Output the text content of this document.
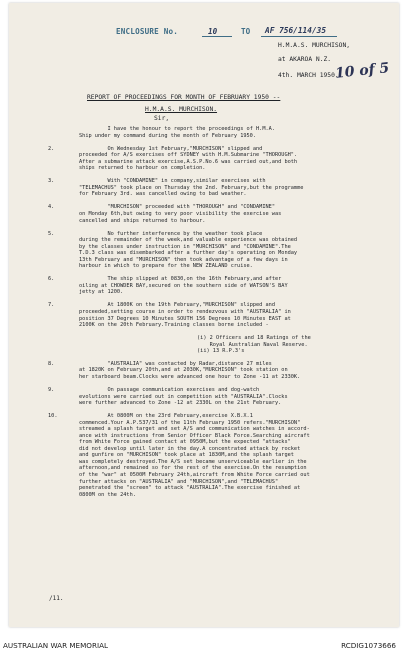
ENCLOSURE No.	10	TO AF 756/114/35
H.M.A.S. MURCHISON,
at AKAROA N.Z.
4th. MARCH 1950.
10 of 5
REPORT OF PROCEEDINGS FOR MONTH OF FEBRUARY 1950 --
H.M.A.S. MURCHISON.
Sir,
I have the honour to report the proceedings of H.M.A.
Ship under my command during the month of February 1950.
2.	On Wednesday 1st February,"MURCHISON" slipped and
proceeded for A/S exercises off SYDNEY with H.M.Submarine "THOROUGH".
After a submarine attack exercise,A.S.P.No.6 was carried out,and both
ships returned to harbour on completion.
3.	With "CONDAMINE" in company,similar exercises with
"TELEMACHUS" took place on Thursday the 2nd. February,but the programme
for February 3rd. was cancelled owing to bad weather.
4.	"MURCHISON" proceeded with "THOROUGH" and "CONDAMINE"
on Monday 6th,but owing to very poor visibility the exercise was
cancelled and ships returned to harbour.
5.	No further interference by the weather took place
during the remainder of the week,and valuable experience was obtained
by the classes under instruction in "MURCHISON" and "CONDAMINE".The
T.D.3 class was disembarked after a further day's operating on Monday
13th February and "MURCHISON" then took advantage of a few days in
harbour in which to prepare for the NEW ZEALAND cruise.
6.	The ship slipped at 0830,on the 16th February,and after
oiling at CHOWDER BAY,secured on the southern side of WATSON'S BAY
jetty at 1200.
7.	At 1800K on the 19th February,"MURCHISON" slipped and
proceeded,setting course in order to rendezvous with "AUSTRALIA" in
position 37 Degrees 10 Minutes SOUTH 156 Degrees 10 Minutes EAST at
2100K on the 20th February.Training classes borne included -
(i) 2 Officers and 18 Ratings of the
Royal Australian Naval Reserve.
(ii) 13 R.P.3's
8.	"AUSTRALIA" was contacted by Radar,distance 27 miles
at 1820K on February 20th,and at 2030K,"MURCHISON" took station on
her starboard beam.Clocks were advanced one hour to Zone -11 at 2330K.
9.	On passage communication exercises and dog-watch
evolutions were carried out in competition with "AUSTRALIA".Clocks
were further advanced to Zone -12 at 2330L on the 21st February.
10.	At 0800M on the 23rd February,exercise X.B.X.1
commenced.Your A.P.537/31 of the 11th February 1950 refers."MURCHISON"
streamed a splash target and set A/S and communication watches in accord-
ance with instructions from Senior Officer Black Force.Searching aircraft
from White Force gained contact at 0950M,but the expected "attacks"
did not develop until later in the day.A concentrated attack by rocket
and gunfire on "MURCHISON" took place at 1830M,and the splash target
was completely destroyed.The A/S set became unserviceable earlier in the
afternoon,and remained so for the rest of the exercise.On the resumption
of the "war" at 0500M February 24th,aircraft from White Force carried out
further attacks on "AUSTRALIA" and "MURCHISON",and "TELEMACHUS"
penetrated the "screen" to attack "AUSTRALIA".The exercise finished at
0800M on the 24th.
/11.
AUSTRALIAN WAR MEMORIAL	RCDIG1073666
